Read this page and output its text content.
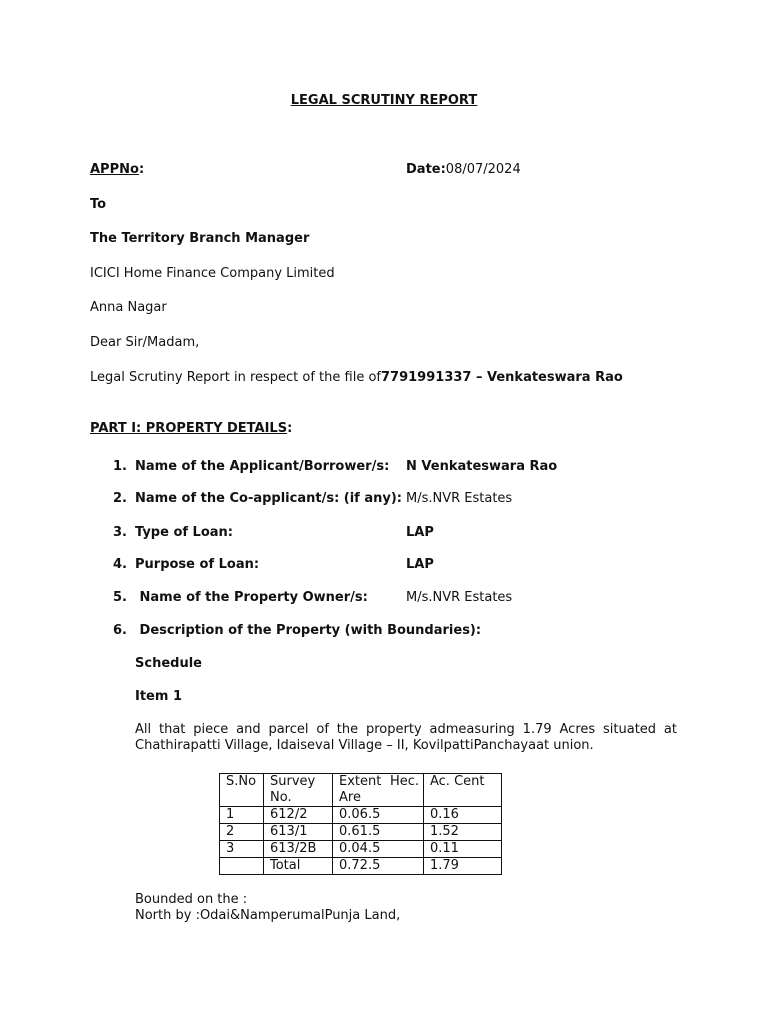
LEGAL SCRUTINY REPORT
APPNo:	Date:08/07/2024
To
The Territory Branch Manager
ICICI Home Finance Company Limited
Anna Nagar
Dear Sir/Madam,
Legal Scrutiny Report in respect of the file of7791991337 – Venkateswara Rao
PART I: PROPERTY DETAILS:
1. Name of the Applicant/Borrower/s: N Venkateswara Rao
2. Name of the Co-applicant/s: (if any): M/s.NVR Estates
3. Type of Loan:	LAP
4. Purpose of Loan:	LAP
5. Name of the Property Owner/s:	M/s.NVR Estates
6. Description of the Property (with Boundaries):
Schedule
Item 1
All that piece and parcel of the property admeasuring 1.79 Acres situated at Chathirapatti Village, Idaiseval Village – II, KovilpattiPanchayaat union.
S.No	Survey No.	Extent Hec. Are	Ac. Cent
1	612/2	0.06.5	0.16
2	613/1	0.61.5	1.52
3	613/2B	0.04.5	0.11
	Total	0.72.5	1.79
Bounded on the :
North by :Odai&NamperumalPunja Land,
